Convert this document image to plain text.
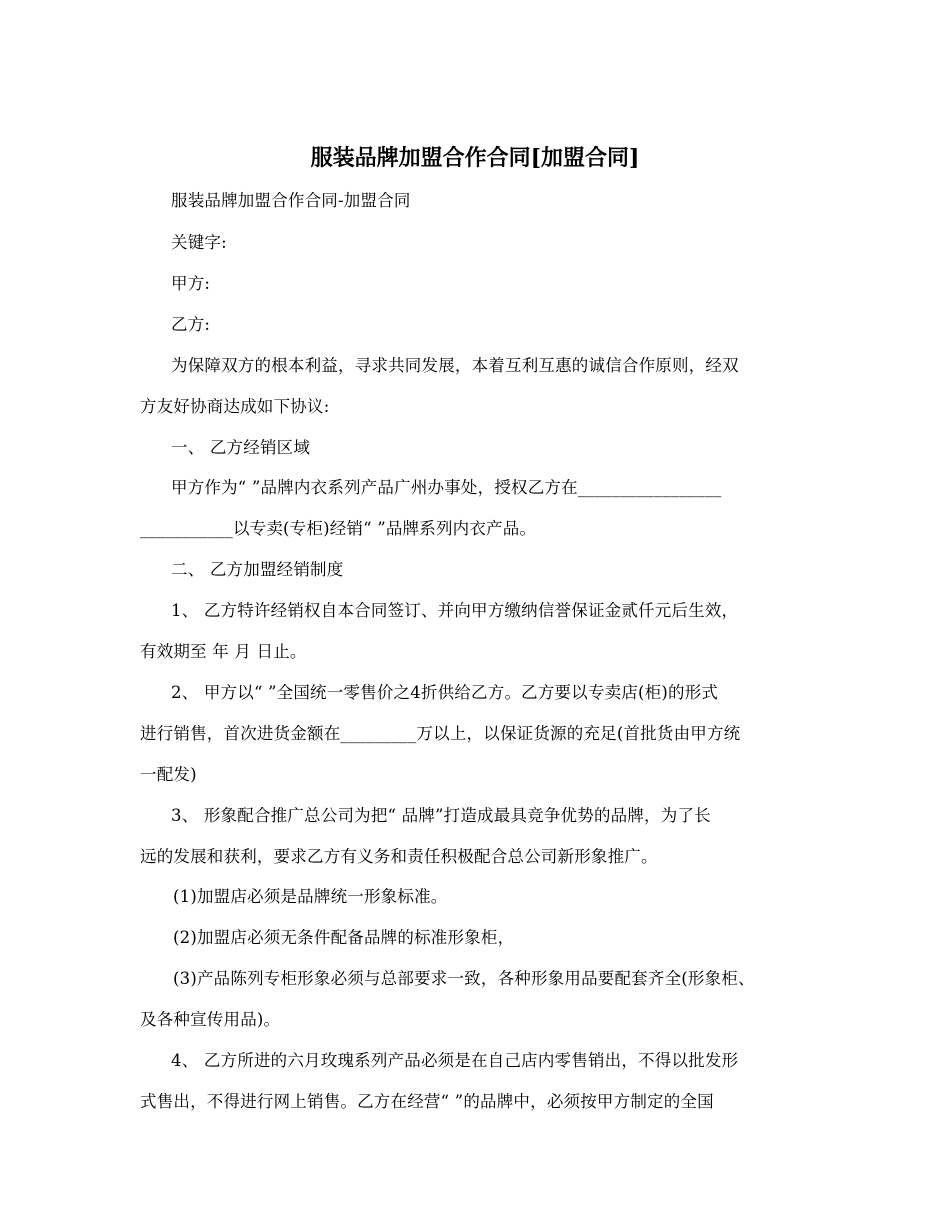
服装品牌加盟合作合同[加盟合同]
服装品牌加盟合作合同-加盟合同
关键字:
甲方:
乙方:
为保障双方的根本利益，寻求共同发展，本着互利互惠的诚信合作原则，经双
方友好协商达成如下协议:
一、 乙方经销区域
甲方作为“ ”品牌内衣系列产品广州办事处，授权乙方在_________________
___________以专卖(专柜)经销“ ”品牌系列内衣产品。
二、 乙方加盟经销制度
1、 乙方特许经销权自本合同签订、并向甲方缴纳信誉保证金贰仟元后生效，
有效期至 年 月 日止。
2、 甲方以“ ”全国统一零售价之4折供给乙方。乙方要以专卖店(柜)的形式
进行销售，首次进货金额在_________万以上，以保证货源的充足(首批货由甲方统
一配发)
3、 形象配合推广总公司为把“ 品牌”打造成最具竞争优势的品牌，为了长
远的发展和获利，要求乙方有义务和责任积极配合总公司新形象推广。
(1)加盟店必须是品牌统一形象标准。
(2)加盟店必须无条件配备品牌的标准形象柜，
(3)产品陈列专柜形象必须与总部要求一致，各种形象用品要配套齐全(形象柜、
及各种宣传用品)。
4、 乙方所进的六月玫瑰系列产品必须是在自己店内零售销出，不得以批发形
式售出，不得进行网上销售。乙方在经营“ ”的品牌中，必须按甲方制定的全国
